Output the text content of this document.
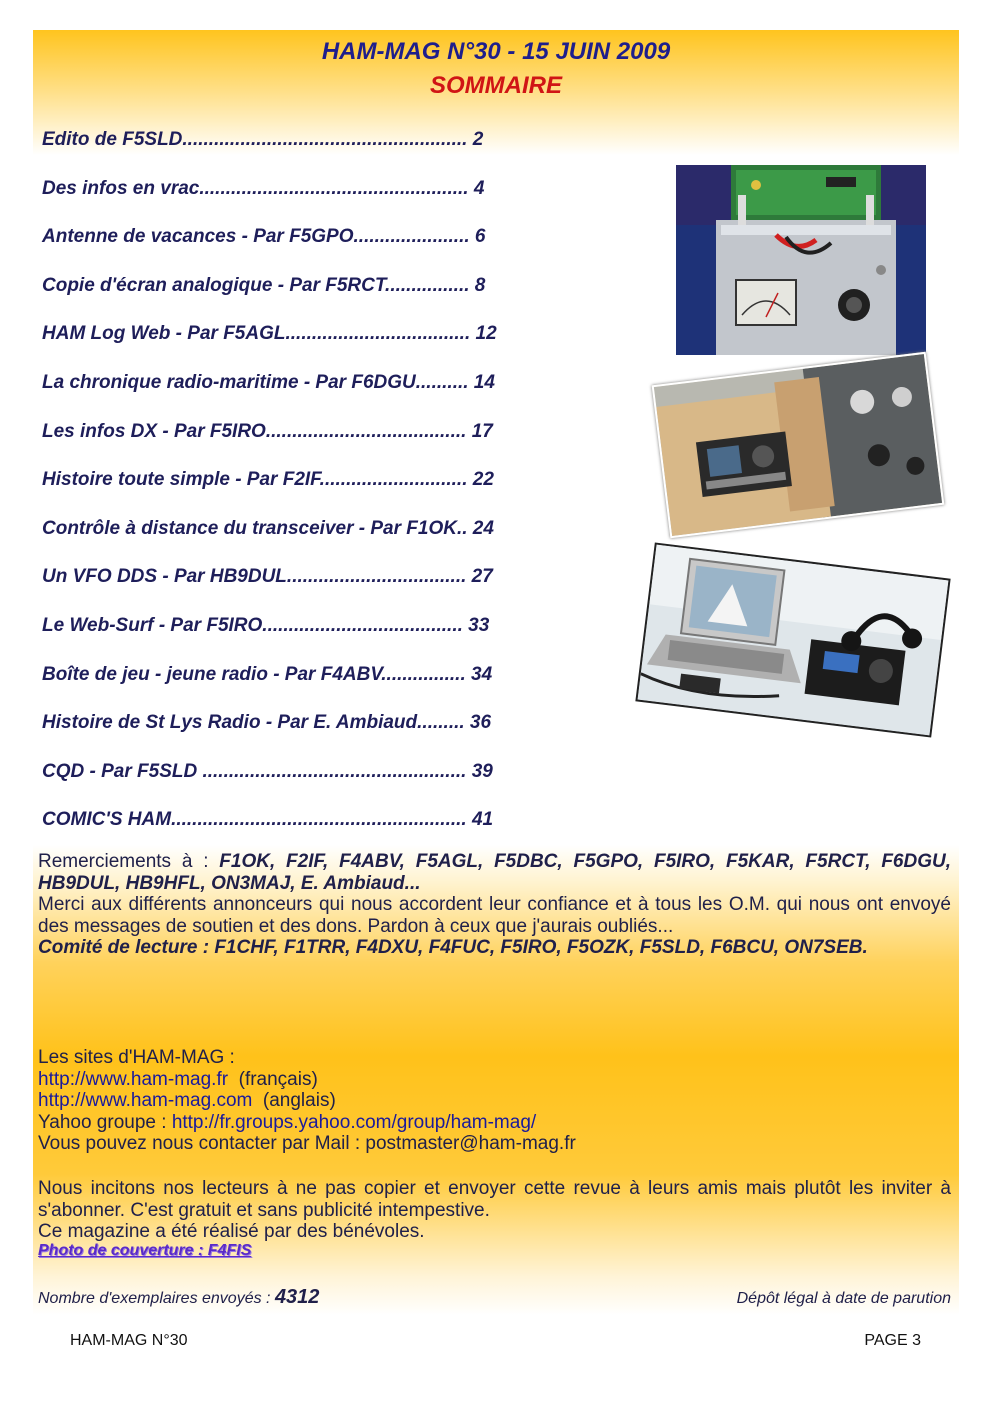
HAM-MAG N°30 - 15 JUIN 2009
SOMMAIRE
Edito de F5SLD...................................................... 2
Des infos en vrac................................................... 4
Antenne de vacances - Par F5GPO...................... 6
Copie d'écran analogique - Par F5RCT................ 8
HAM Log Web - Par F5AGL................................... 12
La chronique radio-maritime - Par F6DGU.......... 14
Les infos DX - Par F5IRO...................................... 17
Histoire toute simple - Par F2IF............................ 22
Contrôle à distance du transceiver - Par F1OK.. 24
Un VFO DDS - Par HB9DUL.................................. 27
Le Web-Surf - Par F5IRO...................................... 33
Boîte de jeu - jeune radio - Par F4ABV................ 34
Histoire de St Lys Radio - Par E. Ambiaud......... 36
CQD - Par F5SLD .................................................. 39
COMIC'S HAM........................................................ 41
Remerciements à : F1OK, F2IF, F4ABV, F5AGL, F5DBC, F5GPO, F5IRO, F5KAR, F5RCT, F6DGU, HB9DUL, HB9HFL, ON3MAJ, E. Ambiaud...
Merci aux différents annonceurs qui nous accordent leur confiance et à tous les O.M. qui nous ont envoyé des messages de soutien et des dons. Pardon à ceux que j'aurais oubliés...
Comité de lecture : F1CHF, F1TRR, F4DXU, F4FUC, F5IRO, F5OZK, F5SLD, F6BCU, ON7SEB.
Les sites d'HAM-MAG :
http://www.ham-mag.fr  (français)
http://www.ham-mag.com  (anglais)
Yahoo groupe : http://fr.groups.yahoo.com/group/ham-mag/
Vous pouvez nous contacter par Mail : postmaster@ham-mag.fr
Nous incitons nos lecteurs à ne pas copier et envoyer cette revue à leurs amis mais plutôt les inviter à s'abonner. C'est gratuit et sans publicité intempestive.
Ce magazine a été réalisé par des bénévoles.
Photo de couverture : F4FIS
Nombre d'exemplaires envoyés : 4312	Dépôt légal à date de parution
HAM-MAG N°30	PAGE 3
